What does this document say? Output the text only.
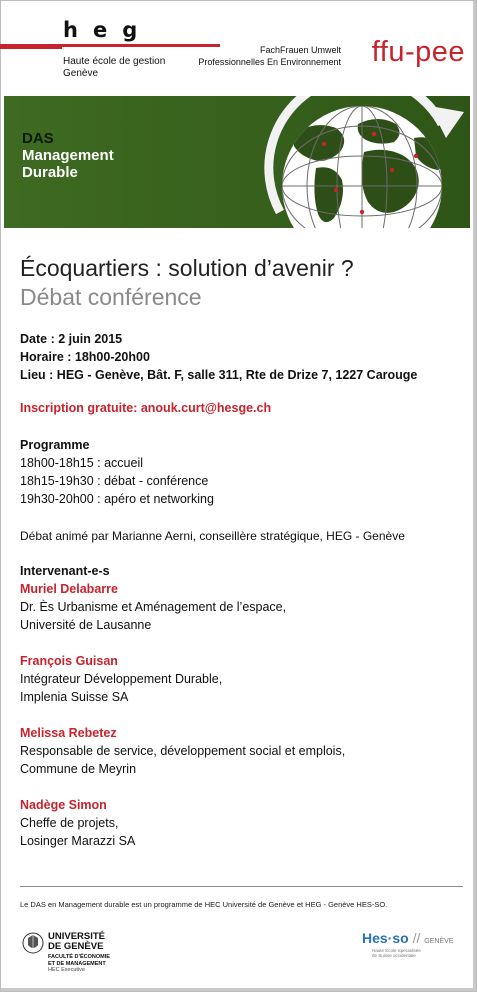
heg
Haute école de gestion
Genève
FachFrauen Umwelt
Professionnelles En Environnement ffu-pee
DAS
Management
Durable
Écoquartiers : solution d’avenir ?
Débat conférence
Date : 2 juin 2015
Horaire : 18h00-20h00
Lieu : HEG - Genève, Bât. F, salle 311, Rte de Drize 7, 1227 Carouge
Inscription gratuite: anouk.curt@hesge.ch
Programme
18h00-18h15 : accueil
18h15-19h30 : débat - conférence
19h30-20h00 : apéro et networking
Débat animé par Marianne Aerni, conseillère stratégique, HEG - Genève
Intervenant-e-s
Muriel Delabarre
Dr. Ès Urbanisme et Aménagement de l’espace,
Université de Lausanne
François Guisan
Intégrateur Développement Durable,
Implenia Suisse SA
Melissa Rebetez
Responsable de service, développement social et emplois,
Commune de Meyrin
Nadège Simon
Cheffe de projets,
Losinger Marazzi SA
Le DAS en Management durable est un programme de HEC Université de Genève et HEG - Genève HES-SO.
UNIVERSITÉ
DE GENÈVE
FACULTÉ D’ÉCONOMIE
ET DE MANAGEMENT
HEC Executive
Hes·so // GENÈVE
Haute Ecole Spécialisée
de Suisse occidentale
